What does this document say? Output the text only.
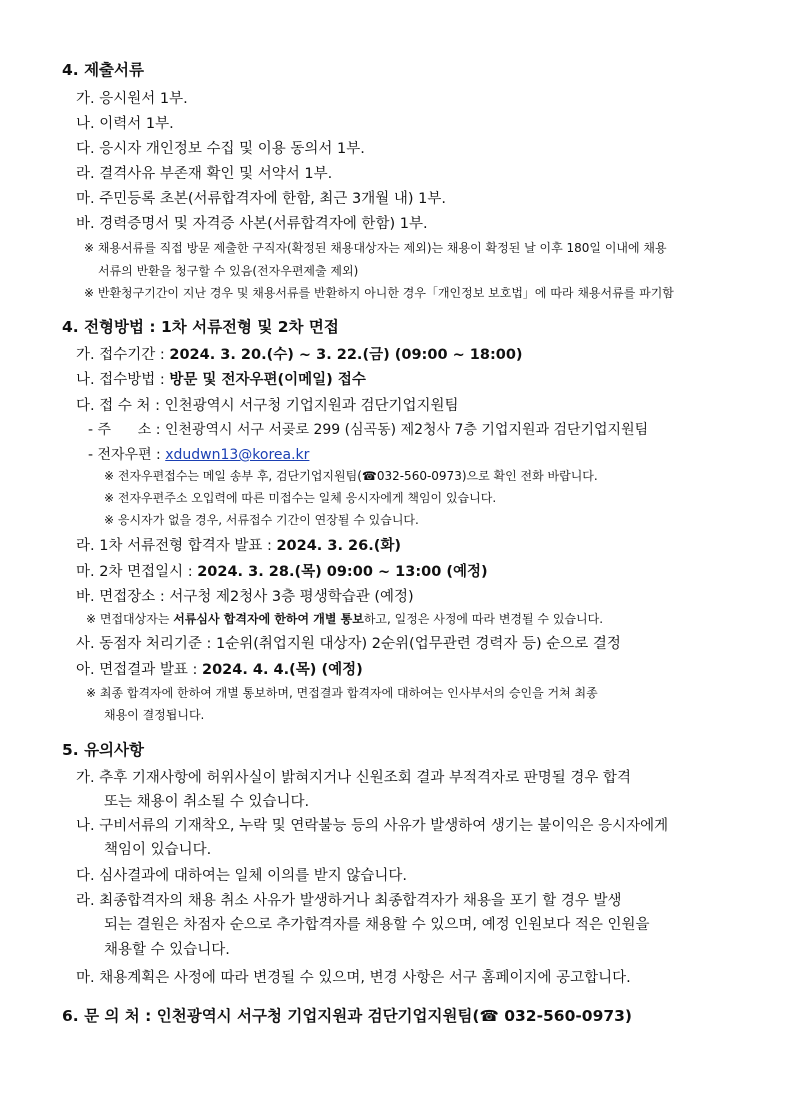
4. 제출서류
가. 응시원서 1부.
나. 이력서 1부.
다. 응시자 개인정보 수집 및 이용 동의서 1부.
라. 결격사유 부존재 확인 및 서약서 1부.
마. 주민등록 초본(서류합격자에 한함, 최근 3개월 내) 1부.
바. 경력증명서 및 자격증 사본(서류합격자에 한함) 1부.
※ 채용서류를 직접 방문 제출한 구직자(확정된 채용대상자는 제외)는 채용이 확정된 날 이후 180일 이내에 채용
서류의 반환을 청구할 수 있음(전자우편제출 제외)
※ 반환청구기간이 지난 경우 및 채용서류를 반환하지 아니한 경우「개인정보 보호법」에 따라 채용서류를 파기함
4. 전형방법 : 1차 서류전형 및 2차 면접
가. 접수기간 : 2024. 3. 20.(수) ~ 3. 22.(금) (09:00 ~ 18:00)
나. 접수방법 : 방문 및 전자우편(이메일) 접수
다. 접 수 처 : 인천광역시 서구청 기업지원과 검단기업지원팀
- 주      소 : 인천광역시 서구 서곶로 299 (심곡동) 제2청사 7층 기업지원과 검단기업지원팀
- 전자우편 : xdudwn13@korea.kr
※ 전자우편접수는 메일 송부 후, 검단기업지원팀(☎032-560-0973)으로 확인 전화 바랍니다.
※ 전자우편주소 오입력에 따른 미접수는 일체 응시자에게 책임이 있습니다.
※ 응시자가 없을 경우, 서류접수 기간이 연장될 수 있습니다.
라. 1차 서류전형 합격자 발표 : 2024. 3. 26.(화)
마. 2차 면접일시 : 2024. 3. 28.(목) 09:00 ~ 13:00 (예정)
바. 면접장소 : 서구청 제2청사 3층 평생학습관 (예정)
※ 면접대상자는 서류심사 합격자에 한하여 개별 통보하고, 일정은 사정에 따라 변경될 수 있습니다.
사. 동점자 처리기준 : 1순위(취업지원 대상자) 2순위(업무관련 경력자 등) 순으로 결정
아. 면접결과 발표 : 2024. 4. 4.(목) (예정)
※ 최종 합격자에 한하여 개별 통보하며, 면접결과 합격자에 대하여는 인사부서의 승인을 거쳐 최종
채용이 결정됩니다.
5. 유의사항
가. 추후 기재사항에 허위사실이 밝혀지거나 신원조회 결과 부적격자로 판명될 경우 합격
또는 채용이 취소될 수 있습니다.
나. 구비서류의 기재착오, 누락 및 연락불능 등의 사유가 발생하여 생기는 불이익은 응시자에게
책임이 있습니다.
다. 심사결과에 대하여는 일체 이의를 받지 않습니다.
라. 최종합격자의 채용 취소 사유가 발생하거나 최종합격자가 채용을 포기 할 경우 발생
되는 결원은 차점자 순으로 추가합격자를 채용할 수 있으며, 예정 인원보다 적은 인원을
채용할 수 있습니다.
마. 채용계획은 사정에 따라 변경될 수 있으며, 변경 사항은 서구 홈페이지에 공고합니다.
6. 문 의 처 : 인천광역시 서구청 기업지원과 검단기업지원팀(☎ 032-560-0973)
